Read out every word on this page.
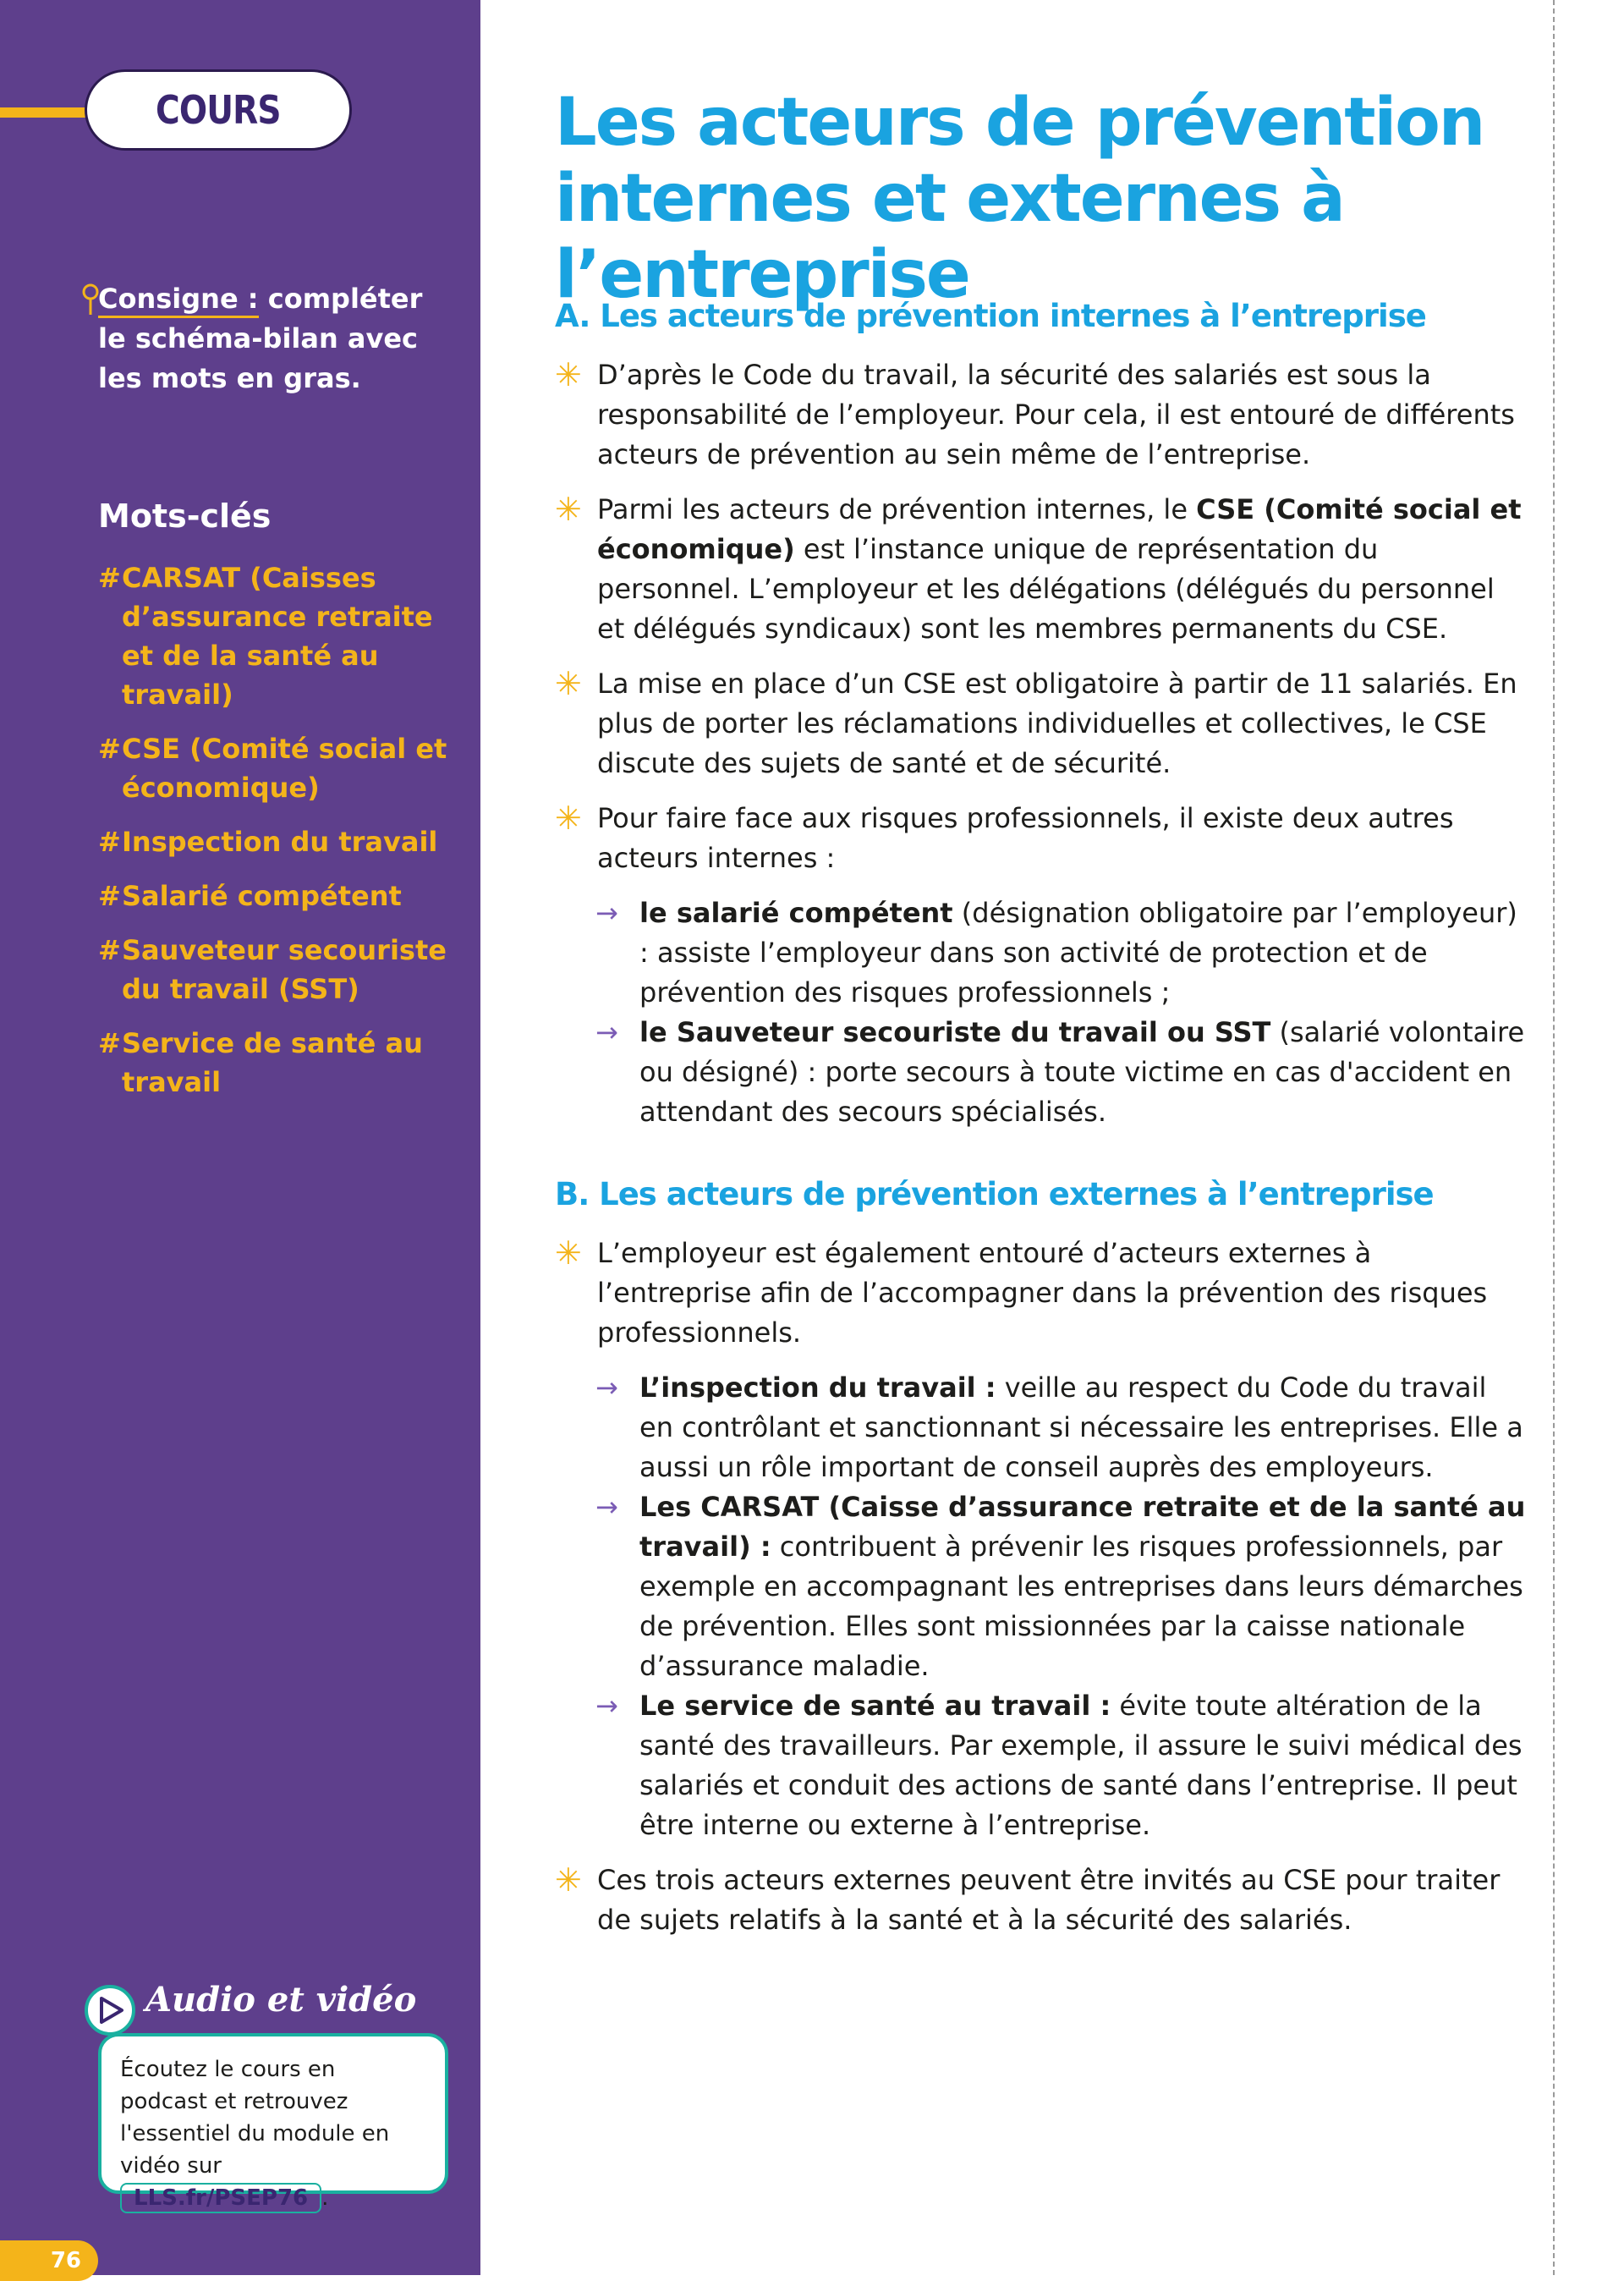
COURS
Consigne : compléter le schéma-bilan avec les mots en gras.
Mots-clés
# CARSAT (Caisses d’assurance retraite et de la santé au travail)
# CSE (Comité social et économique)
# Inspection du travail
# Salarié compétent
# Sauveteur secouriste du travail (SST)
# Service de santé au travail
Audio et vidéo
Écoutez le cours en podcast et retrouvez l'essentiel du module en vidéo sur LLS.fr/PSEP76 .
76
Les acteurs de prévention internes et externes à l’entreprise
A. Les acteurs de prévention internes à l’entreprise
✳ D’après le Code du travail, la sécurité des salariés est sous la responsabilité de l’employeur. Pour cela, il est entouré de différents acteurs de prévention au sein même de l’entreprise.
✳ Parmi les acteurs de prévention internes, le CSE (Comité social et économique) est l’instance unique de représentation du personnel. L’employeur et les délégations (délégués du personnel et délégués syndicaux) sont les membres permanents du CSE.
✳ La mise en place d’un CSE est obligatoire à partir de 11 salariés. En plus de porter les réclamations individuelles et collectives, le CSE discute des sujets de santé et de sécurité.
✳ Pour faire face aux risques professionnels, il existe deux autres acteurs internes :
→ le salarié compétent (désignation obligatoire par l’employeur) : assiste l’employeur dans son activité de protection et de prévention des risques professionnels ;
→ le Sauveteur secouriste du travail ou SST (salarié volontaire ou désigné) : porte secours à toute victime en cas d'accident en attendant des secours spécialisés.
B. Les acteurs de prévention externes à l’entreprise
✳ L’employeur est également entouré d’acteurs externes à l’entreprise afin de l’accompagner dans la prévention des risques professionnels.
→ L’inspection du travail : veille au respect du Code du travail en contrôlant et sanctionnant si nécessaire les entreprises. Elle a aussi un rôle important de conseil auprès des employeurs.
→ Les CARSAT (Caisse d’assurance retraite et de la santé au travail) : contribuent à prévenir les risques professionnels, par exemple en accompagnant les entreprises dans leurs démarches de prévention. Elles sont missionnées par la caisse nationale d’assurance maladie.
→ Le service de santé au travail : évite toute altération de la santé des travailleurs. Par exemple, il assure le suivi médical des salariés et conduit des actions de santé dans l’entreprise. Il peut être interne ou externe à l’entreprise.
✳ Ces trois acteurs externes peuvent être invités au CSE pour traiter de sujets relatifs à la santé et à la sécurité des salariés.
